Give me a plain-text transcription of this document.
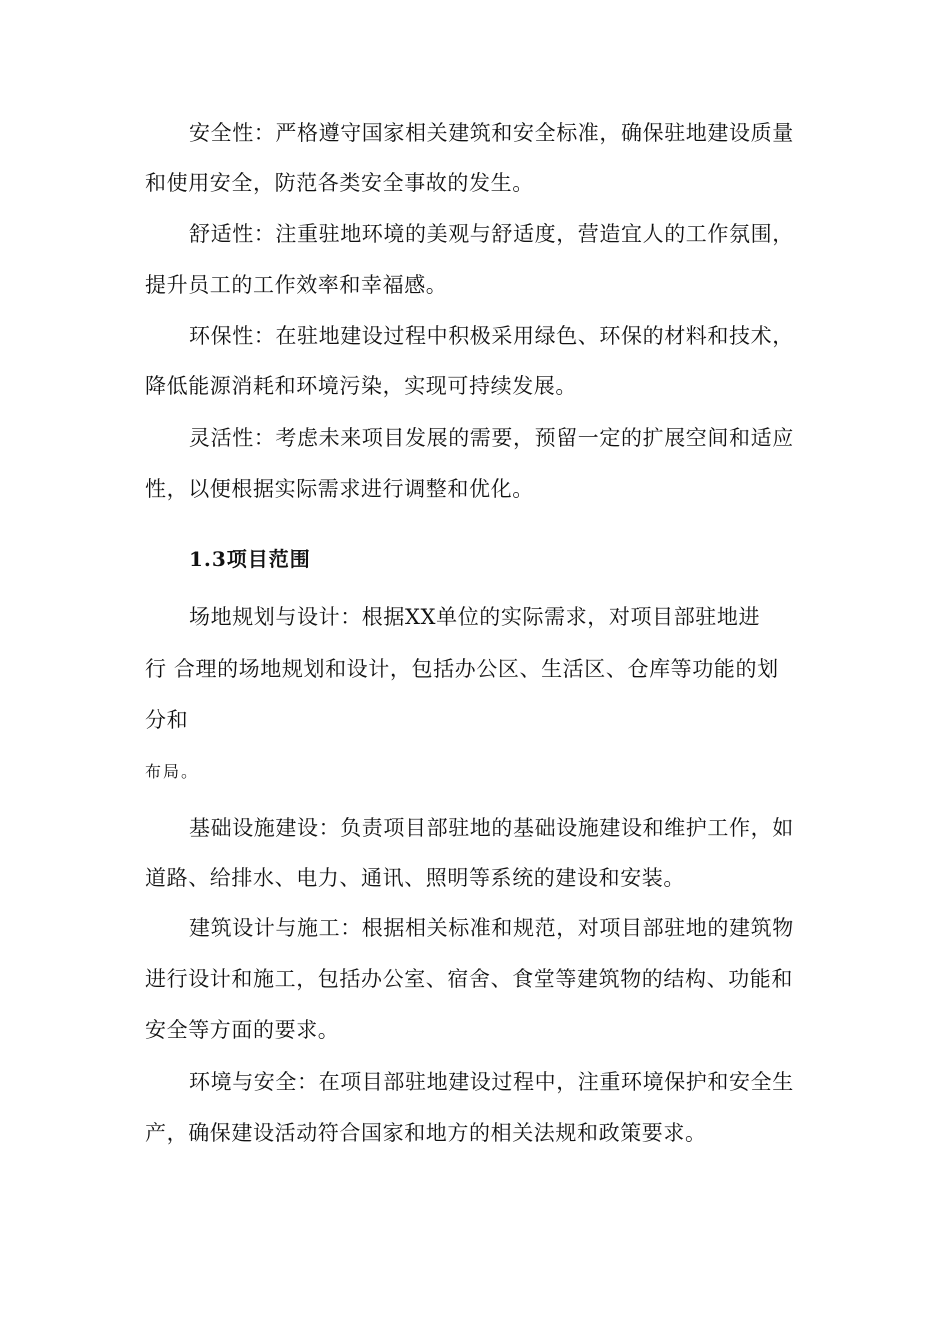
安全性：严格遵守国家相关建筑和安全标准，确保驻地建设质量
和使用安全，防范各类安全事故的发生。
舒适性：注重驻地环境的美观与舒适度，营造宜人的工作氛围，
提升员工的工作效率和幸福感。
环保性：在驻地建设过程中积极采用绿色、环保的材料和技术，
降低能源消耗和环境污染，实现可持续发展。
灵活性：考虑未来项目发展的需要，预留一定的扩展空间和适应
性，以便根据实际需求进行调整和优化。
1.3项目范围
场地规划与设计：根据XX单位的实际需求，对项目部驻地进
行 合理的场地规划和设计，包括办公区、生活区、仓库等功能的划
分和
布局。
基础设施建设：负责项目部驻地的基础设施建设和维护工作，如
道路、给排水、电力、通讯、照明等系统的建设和安装。
建筑设计与施工：根据相关标准和规范，对项目部驻地的建筑物
进行设计和施工，包括办公室、宿舍、食堂等建筑物的结构、功能和
安全等方面的要求。
环境与安全：在项目部驻地建设过程中，注重环境保护和安全生
产，确保建设活动符合国家和地方的相关法规和政策要求。
